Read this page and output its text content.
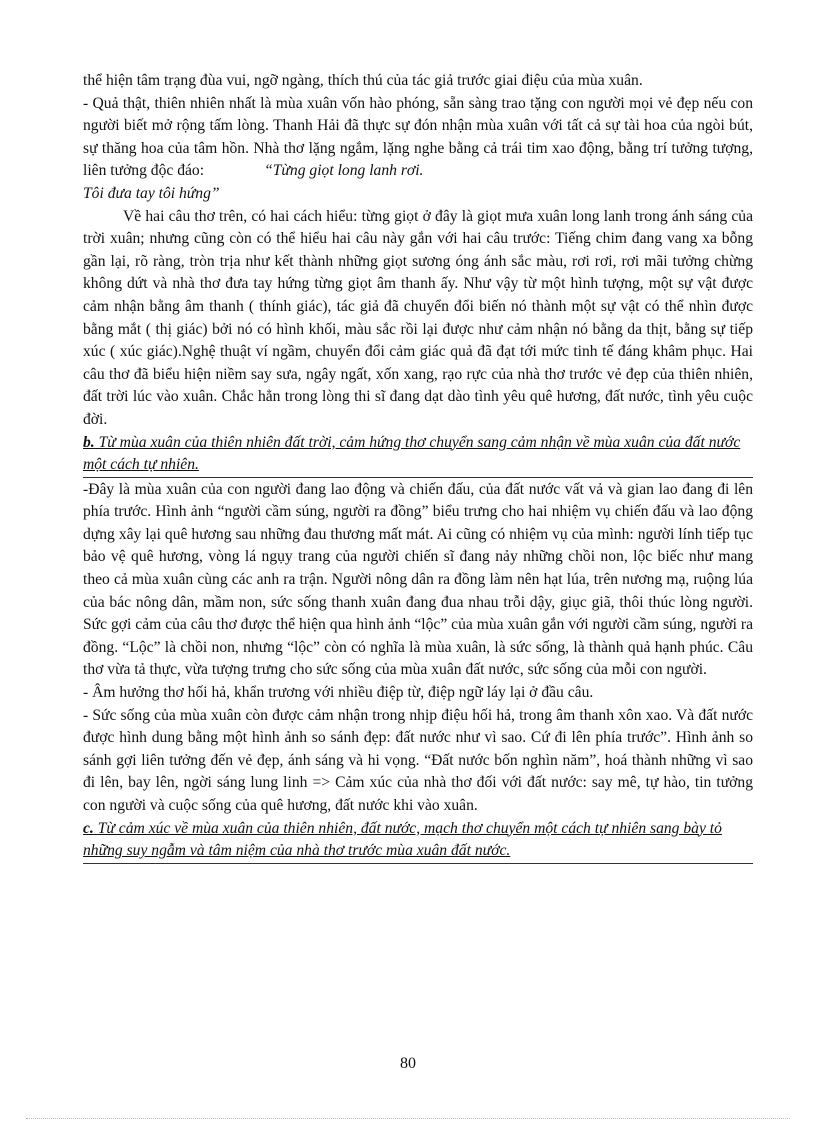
thể hiện tâm trạng đùa vui, ngỡ ngàng, thích thú của tác giả trước giai điệu của mùa xuân.

- Quả thật, thiên nhiên nhất là mùa xuân vốn hào phóng, sẵn sàng trao tặng con người mọi vẻ đẹp nếu con người biết mở rộng tấm lòng. Thanh Hải đã thực sự đón nhận mùa xuân với tất cả sự tài hoa của ngòi bút, sự thăng hoa của tâm hồn. Nhà thơ lặng ngắm, lặng nghe bằng cả trái tim xao động, bằng trí tưởng tượng, liên tưởng độc đáo:	“Từng giọt long lanh rơi.

Tôi đưa tay tôi hứng”

Về hai câu thơ trên, có hai cách hiểu: từng giọt ở đây là giọt mưa xuân long lanh trong ánh sáng của trời xuân; nhưng cũng còn có thể hiểu hai câu này gắn với hai câu trước: Tiếng chim đang vang xa bỗng gần lại, rõ ràng, tròn trịa như kết thành những giọt sương óng ánh sắc màu, rơi rơi, rơi mãi tưởng chừng không dứt và nhà thơ đưa tay hứng từng giọt âm thanh ấy. Như vậy từ một hình tượng, một sự vật được cảm nhận bằng âm thanh ( thính giác), tác giả đã chuyển đổi biến nó thành một sự vật có thể nhìn được bằng mắt ( thị giác) bởi nó có hình khối, màu sắc rồi lại được như cảm nhận nó bằng da thịt, bằng sự tiếp xúc ( xúc giác).Nghệ thuật ví ngầm, chuyển đổi cảm giác quả đã đạt tới mức tinh tế đáng khâm phục. Hai câu thơ đã biểu hiện niềm say sưa, ngây ngất, xốn xang, rạo rực của nhà thơ trước vẻ đẹp của thiên nhiên, đất trời lúc vào xuân. Chắc hẳn trong lòng thi sĩ đang dạt dào tình yêu quê hương, đất nước, tình yêu cuộc đời.

b. Từ mùa xuân của thiên nhiên đất trời, cảm hứng thơ chuyển sang cảm nhận về mùa xuân của đất nước một cách tự nhiên.

-Đây là mùa xuân của con người đang lao động và chiến đấu, của đất nước vất vả và gian lao đang đi lên phía trước. Hình ảnh “người cầm súng, người ra đồng” biểu trưng cho hai nhiệm vụ chiến đấu và lao động dựng xây lại quê hương sau những đau thương mất mát. Ai cũng có nhiệm vụ của mình: người lính tiếp tục bảo vệ quê hương, vòng lá ngụy trang của người chiến sĩ đang nảy những chồi non, lộc biếc như mang theo cả mùa xuân cùng các anh ra trận. Người nông dân ra đồng làm nên hạt lúa, trên nương mạ, ruộng lúa của bác nông dân, mầm non, sức sống thanh xuân đang đua nhau trỗi dậy, giục giã, thôi thúc lòng người. Sức gợi cảm của câu thơ được thể hiện qua hình ảnh “lộc” của mùa xuân gắn với người cầm súng, người ra đồng. “Lộc” là chồi non, nhưng “lộc” còn có nghĩa là mùa xuân, là sức sống, là thành quả hạnh phúc. Câu thơ vừa tả thực, vừa tượng trưng cho sức sống của mùa xuân đất nước, sức sống của mỗi con người.

- Âm hưởng thơ hối hả, khẩn trương với nhiều điệp từ, điệp ngữ láy lại ở đầu câu.

- Sức sống của mùa xuân còn được cảm nhận trong nhịp điệu hối hả, trong âm thanh xôn xao. Và đất nước được hình dung bằng một hình ảnh so sánh đẹp: đất nước như vì sao. Cứ đi lên phía trước”. Hình ảnh so sánh gợi liên tưởng đến vẻ đẹp, ánh sáng và hi vọng. “Đất nước bốn nghìn năm”, hoá thành những vì sao đi lên, bay lên, ngời sáng lung linh => Cảm xúc của nhà thơ đối với đất nước: say mê, tự hào, tin tưởng con người và cuộc sống của quê hương, đất nước khi vào xuân.

c. Từ cảm xúc về mùa xuân của thiên nhiên, đất nước, mạch thơ chuyển một cách tự nhiên sang bày tỏ những suy ngẫm và tâm niệm của nhà thơ trước mùa xuân đất nước.

80
